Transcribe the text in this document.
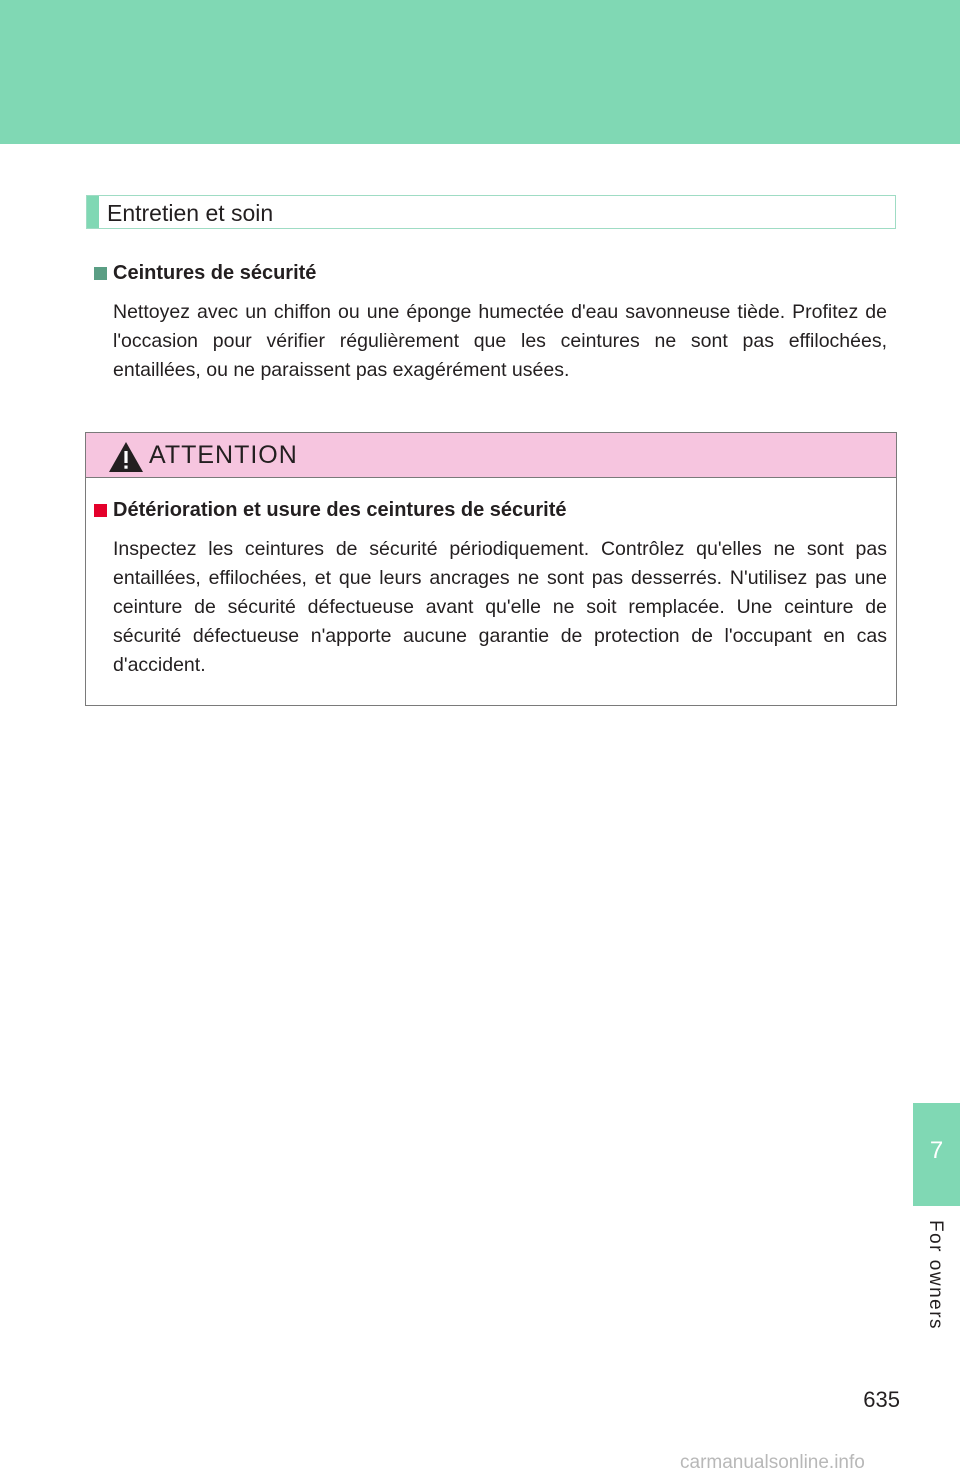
Entretien et soin
Ceintures de sécurité

Nettoyez avec un chiffon ou une éponge humectée d'eau savonneuse tiède. Profitez de l'occasion pour vérifier régulièrement que les ceintures ne sont pas effilochées, entaillées, ou ne paraissent pas exagérément usées.

ATTENTION
Détérioration et usure des ceintures de sécurité

Inspectez les ceintures de sécurité périodiquement. Contrôlez qu'elles ne sont pas entaillées, effilochées, et que leurs ancrages ne sont pas desserrés. N'utilisez pas une ceinture de sécurité défectueuse avant qu'elle ne soit remplacée. Une ceinture de sécurité défectueuse n'apporte aucune garantie de protection de l'occupant en cas d'accident.

7
For owners
635
carmanualsonline.info
